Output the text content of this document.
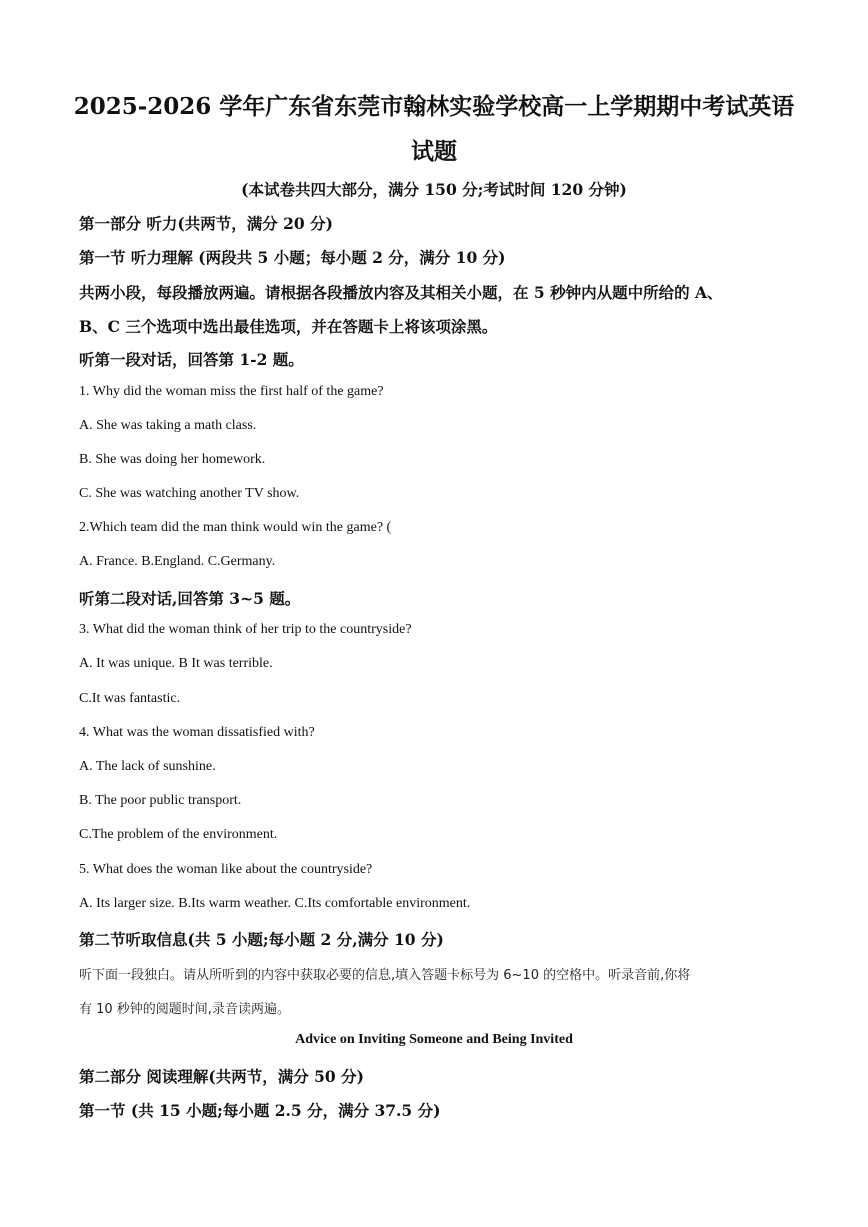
2025-2026 学年广东省东莞市翰林实验学校高一上学期期中考试英语
试题
(本试卷共四大部分，满分 150 分;考试时间 120 分钟)
第一部分 听力(共两节，满分 20 分)
第一节 听力理解 (两段共 5 小题；每小题 2 分，满分 10 分)
共两小段，每段播放两遍。请根据各段播放内容及其相关小题，在 5 秒钟内从题中所给的 A、
B、C 三个选项中选出最佳选项，并在答题卡上将该项涂黑。
听第一段对话，回答第 1-2 题。
1. Why did the woman miss the first half of the game?
A. She was taking a math class.
B. She was doing her homework.
C. She was watching another TV show.
2.Which team did the man think would win the game? (
A. France. B.England. C.Germany.
听第二段对话,回答第 3~5 题。
3. What did the woman think of her trip to the countryside?
A. It was unique. B It was terrible.
C.It was fantastic.
4. What was the woman dissatisfied with?
A. The lack of sunshine.
B. The poor public transport.
C.The problem of the environment.
5. What does the woman like about the countryside?
A. Its larger size. B.Its warm weather. C.Its comfortable environment.
第二节听取信息(共 5 小题;每小题 2 分,满分 10 分)
听下面一段独白。请从所听到的内容中获取必要的信息,填入答题卡标号为 6~10 的空格中。听录音前,你将
有 10 秒钟的阅题时间,录音读两遍。
Advice on Inviting Someone and Being Invited
第二部分 阅读理解(共两节，满分 50 分)
第一节 (共 15 小题;每小题 2.5 分，满分 37.5 分)
